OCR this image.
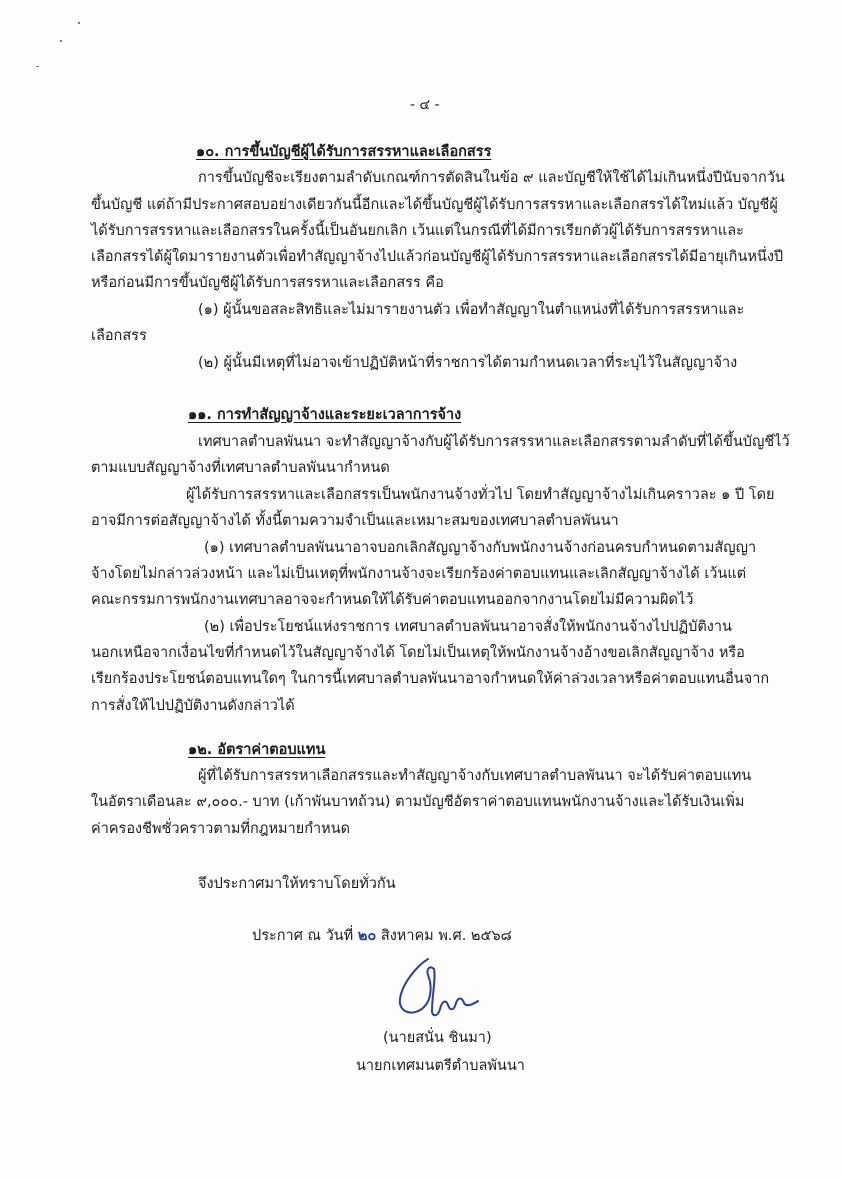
- ๔ -
๑๐. การขึ้นบัญชีผู้ได้รับการสรรหาและเลือกสรร
การขึ้นบัญชีจะเรียงตามลำดับเกณฑ์การตัดสินในข้อ ๙ และบัญชีให้ใช้ได้ไม่เกินหนึ่งปีนับจากวัน
ขึ้นบัญชี แต่ถ้ามีประกาศสอบอย่างเดียวกันนี้อีกและได้ขึ้นบัญชีผู้ได้รับการสรรหาและเลือกสรรได้ใหม่แล้ว บัญชีผู้
ได้รับการสรรหาและเลือกสรรในครั้งนี้เป็นอันยกเลิก เว้นแต่ในกรณีที่ได้มีการเรียกตัวผู้ได้รับการสรรหาและ
เลือกสรรได้ผู้ใดมารายงานตัวเพื่อทำสัญญาจ้างไปแล้วก่อนบัญชีผู้ได้รับการสรรหาและเลือกสรรได้มีอายุเกินหนึ่งปี
หรือก่อนมีการขึ้นบัญชีผู้ได้รับการสรรหาและเลือกสรร คือ
(๑) ผู้นั้นขอสละสิทธิและไม่มารายงานตัว เพื่อทำสัญญาในตำแหน่งที่ได้รับการสรรหาและ
เลือกสรร
(๒) ผู้นั้นมีเหตุที่ไม่อาจเข้าปฏิบัติหน้าที่ราชการได้ตามกำหนดเวลาที่ระบุไว้ในสัญญาจ้าง
๑๑. การทำสัญญาจ้างและระยะเวลาการจ้าง
เทศบาลตำบลพันนา จะทำสัญญาจ้างกับผู้ได้รับการสรรหาและเลือกสรรตามลำดับที่ได้ขึ้นบัญชีไว้
ตามแบบสัญญาจ้างที่เทศบาลตำบลพันนากำหนด
ผู้ได้รับการสรรหาและเลือกสรรเป็นพนักงานจ้างทั่วไป โดยทำสัญญาจ้างไม่เกินคราวละ ๑ ปี โดย
อาจมีการต่อสัญญาจ้างได้ ทั้งนี้ตามความจำเป็นและเหมาะสมของเทศบาลตำบลพันนา
(๑) เทศบาลตำบลพันนาอาจบอกเลิกสัญญาจ้างกับพนักงานจ้างก่อนครบกำหนดตามสัญญา
จ้างโดยไม่กล่าวล่วงหน้า และไม่เป็นเหตุที่พนักงานจ้างจะเรียกร้องค่าตอบแทนและเลิกสัญญาจ้างได้ เว้นแต่
คณะกรรมการพนักงานเทศบาลอาจจะกำหนดให้ได้รับค่าตอบแทนออกจากงานโดยไม่มีความผิดไว้
(๒) เพื่อประโยชน์แห่งราชการ เทศบาลตำบลพันนาอาจสั่งให้พนักงานจ้างไปปฏิบัติงาน
นอกเหนือจากเงื่อนไขที่กำหนดไว้ในสัญญาจ้างได้ โดยไม่เป็นเหตุให้พนักงานจ้างอ้างขอเลิกสัญญาจ้าง หรือ
เรียกร้องประโยชน์ตอบแทนใดๆ ในการนี้เทศบาลตำบลพันนาอาจกำหนดให้ค่าล่วงเวลาหรือค่าตอบแทนอื่นจาก
การสั่งให้ไปปฏิบัติงานดังกล่าวได้
๑๒. อัตราค่าตอบแทน
ผู้ที่ได้รับการสรรหาเลือกสรรและทำสัญญาจ้างกับเทศบาลตำบลพันนา จะได้รับค่าตอบแทน
ในอัตราเดือนละ ๙,๐๐๐.- บาท (เก้าพันบาทถ้วน) ตามบัญชีอัตราค่าตอบแทนพนักงานจ้างและได้รับเงินเพิ่ม
ค่าครองชีพชั่วคราวตามที่กฎหมายกำหนด
จึงประกาศมาให้ทราบโดยทั่วกัน
ประกาศ ณ วันที่ ๒๐ สิงหาคม พ.ศ. ๒๕๖๘
(นายสนั่น ชินมา)
นายกเทศมนตรีตำบลพันนา
